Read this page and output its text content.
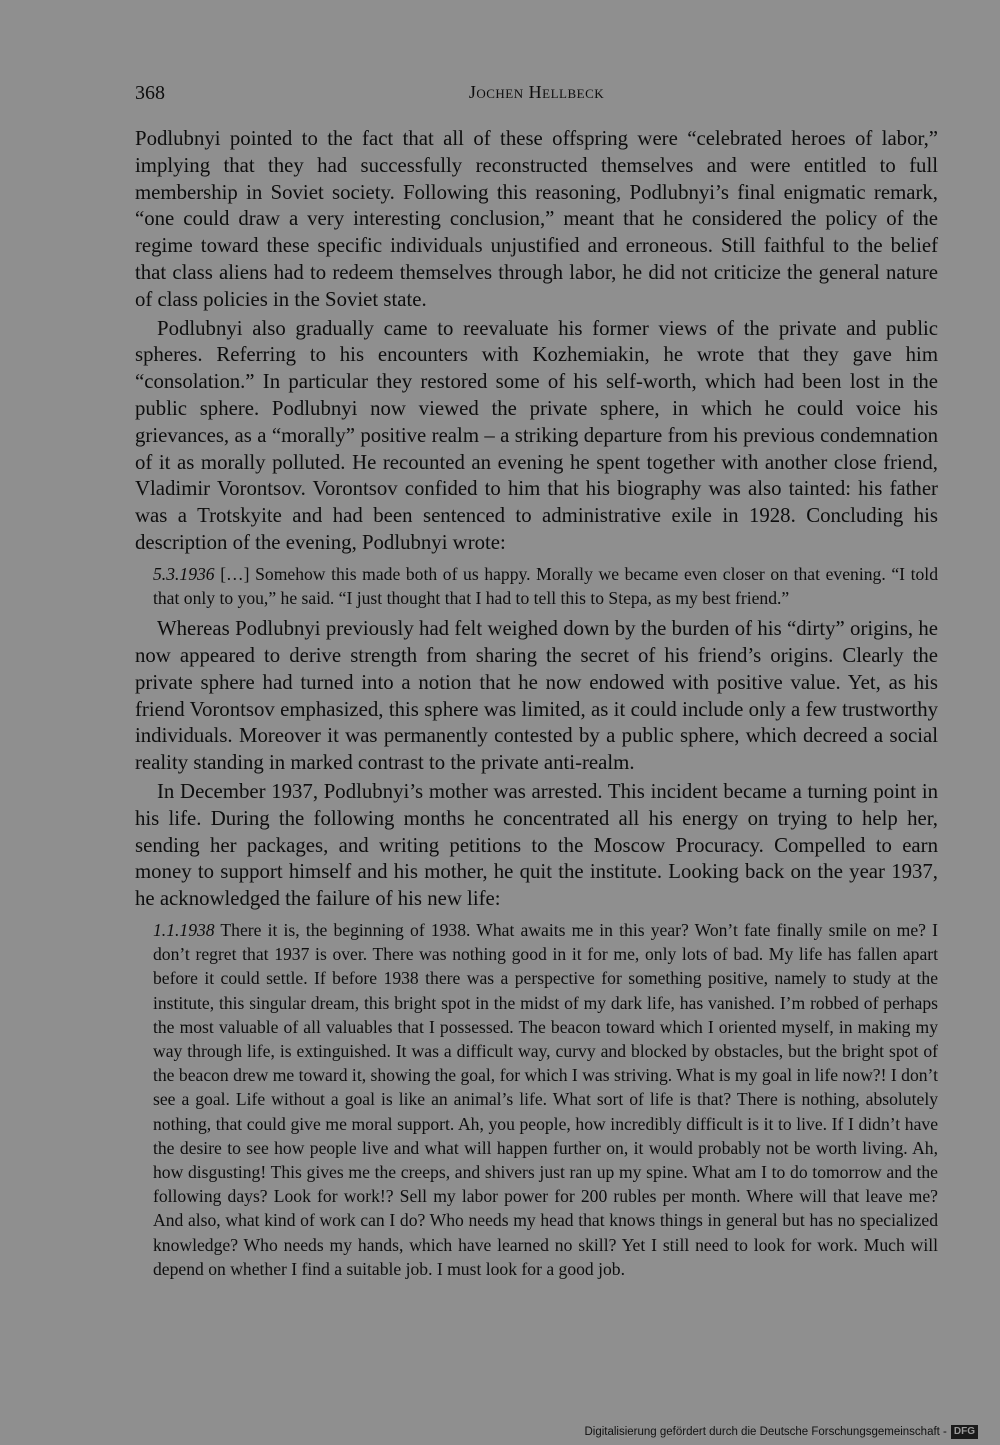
368	Jochen Hellbeck

Podlubnyi pointed to the fact that all of these offspring were “celebrated heroes of labor,” implying that they had successfully reconstructed themselves and were entitled to full membership in Soviet society. Following this reasoning, Podlubnyi’s final enigmatic remark, “one could draw a very interesting conclusion,” meant that he considered the policy of the regime toward these specific individuals unjustified and erroneous. Still faithful to the belief that class aliens had to redeem themselves through labor, he did not criticize the general nature of class policies in the Soviet state.

Podlubnyi also gradually came to reevaluate his former views of the private and public spheres. Referring to his encounters with Kozhemiakin, he wrote that they gave him “consolation.” In particular they restored some of his self-worth, which had been lost in the public sphere. Podlubnyi now viewed the private sphere, in which he could voice his grievances, as a “morally” positive realm – a striking departure from his previous condemnation of it as morally polluted. He recounted an evening he spent together with another close friend, Vladimir Vorontsov. Vorontsov confided to him that his biography was also tainted: his father was a Trotskyite and had been sentenced to administrative exile in 1928. Concluding his description of the evening, Podlubnyi wrote:

5.3.1936 […] Somehow this made both of us happy. Morally we became even closer on that evening. “I told that only to you,” he said. “I just thought that I had to tell this to Stepa, as my best friend.”

Whereas Podlubnyi previously had felt weighed down by the burden of his “dirty” origins, he now appeared to derive strength from sharing the secret of his friend’s origins. Clearly the private sphere had turned into a notion that he now endowed with positive value. Yet, as his friend Vorontsov emphasized, this sphere was limited, as it could include only a few trustworthy individuals. Moreover it was permanently contested by a public sphere, which decreed a social reality standing in marked contrast to the private anti-realm.

In December 1937, Podlubnyi’s mother was arrested. This incident became a turning point in his life. During the following months he concentrated all his energy on trying to help her, sending her packages, and writing petitions to the Moscow Procuracy. Compelled to earn money to support himself and his mother, he quit the institute. Looking back on the year 1937, he acknowledged the failure of his new life:

1.1.1938 There it is, the beginning of 1938. What awaits me in this year? Won’t fate finally smile on me? I don’t regret that 1937 is over. There was nothing good in it for me, only lots of bad. My life has fallen apart before it could settle. If before 1938 there was a perspective for something positive, namely to study at the institute, this singular dream, this bright spot in the midst of my dark life, has vanished. I’m robbed of perhaps the most valuable of all valuables that I possessed. The beacon toward which I oriented myself, in making my way through life, is extinguished. It was a difficult way, curvy and blocked by obstacles, but the bright spot of the beacon drew me toward it, showing the goal, for which I was striving. What is my goal in life now?! I don’t see a goal. Life without a goal is like an animal’s life. What sort of life is that? There is nothing, absolutely nothing, that could give me moral support. Ah, you people, how incredibly difficult is it to live. If I didn’t have the desire to see how people live and what will happen further on, it would probably not be worth living. Ah, how disgusting! This gives me the creeps, and shivers just ran up my spine. What am I to do tomorrow and the following days? Look for work!? Sell my labor power for 200 rubles per month. Where will that leave me? And also, what kind of work can I do? Who needs my head that knows things in general but has no specialized knowledge? Who needs my hands, which have learned no skill? Yet I still need to look for work. Much will depend on whether I find a suitable job. I must look for a good job.
Digitalisierung gefördert durch die Deutsche Forschungsgemeinschaft - DFG
